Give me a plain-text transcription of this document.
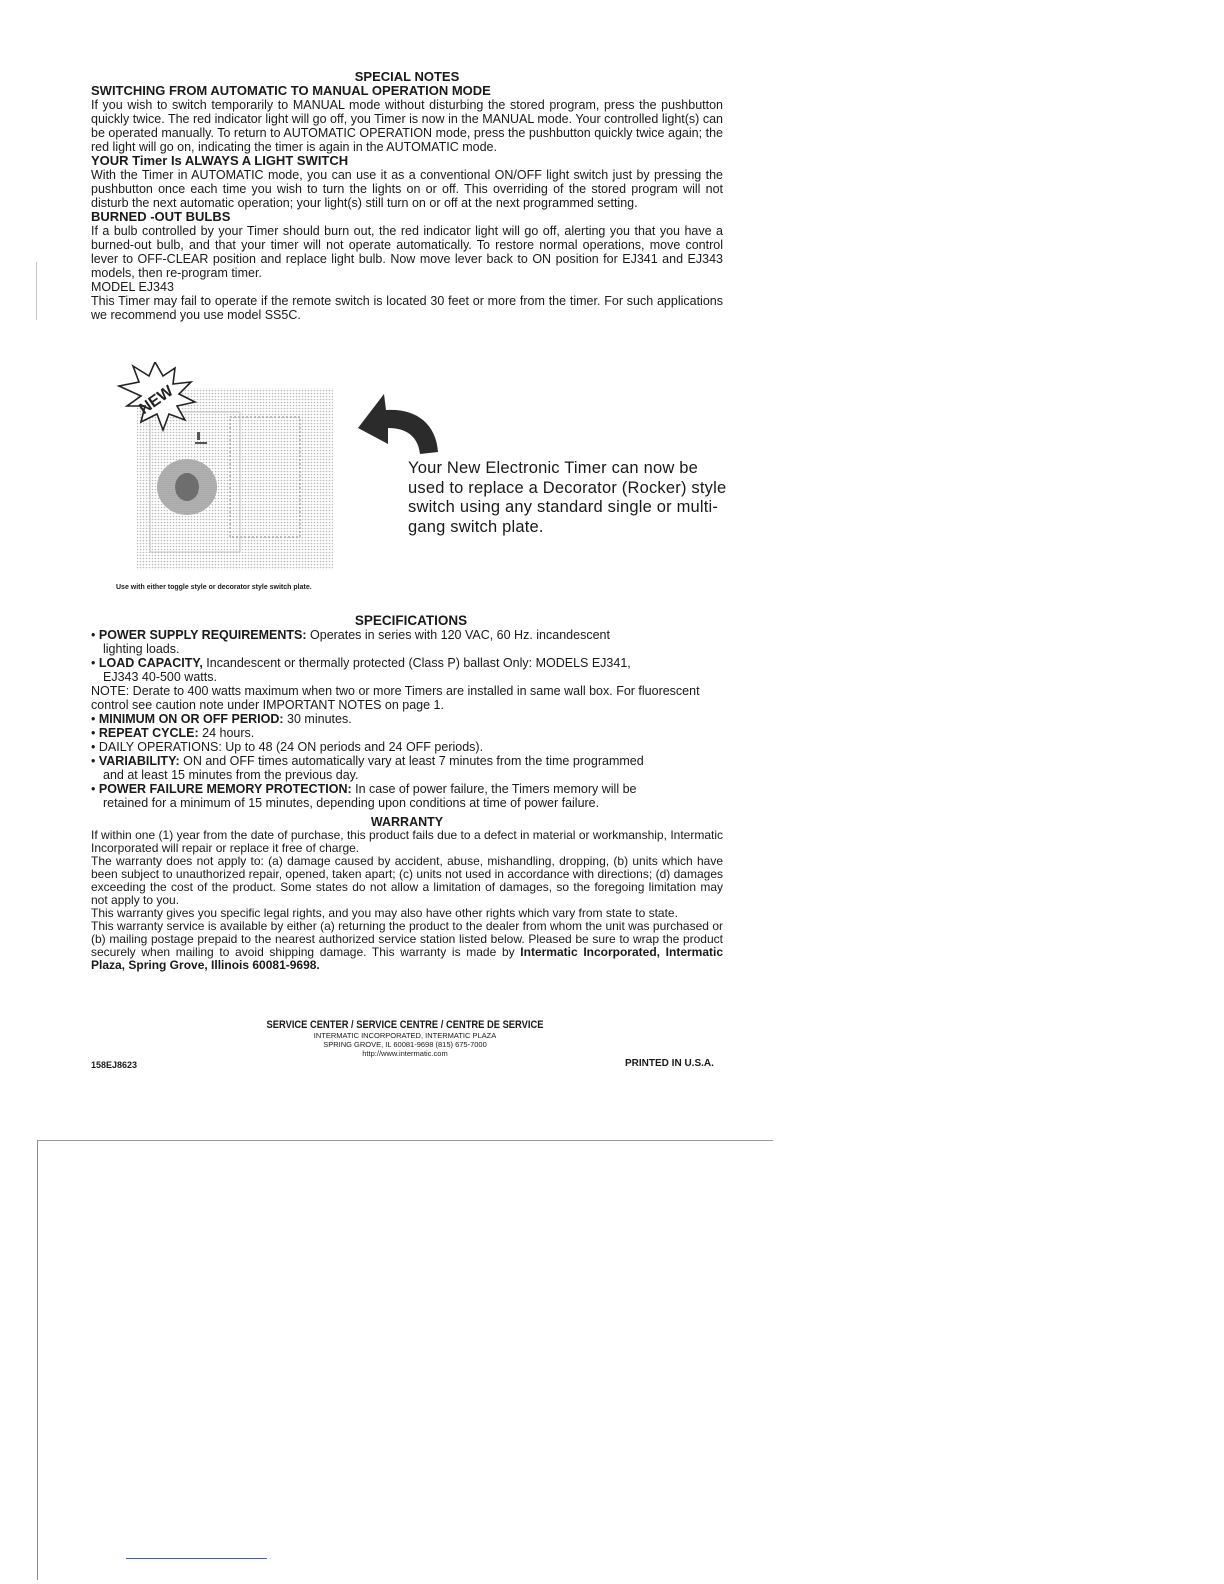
SPECIAL NOTES
SWITCHING FROM AUTOMATIC TO MANUAL OPERATION MODE
If you wish to switch temporarily to MANUAL mode without disturbing the stored program, press the pushbutton quickly twice. The red indicator light will go off, you Timer is now in the MANUAL mode. Your controlled light(s) can be operated manually. To return to AUTOMATIC OPERATION mode, press the pushbutton quickly twice again; the red light will go on, indicating the timer is again in the AUTOMATIC mode.
YOUR Timer Is ALWAYS A LIGHT SWITCH
With the Timer in AUTOMATIC mode, you can use it as a conventional ON/OFF light switch just by pressing the pushbutton once each time you wish to turn the lights on or off. This overriding of the stored program will not disturb the next automatic operation; your light(s) still turn on or off at the next programmed setting.
BURNED -OUT BULBS
If a bulb controlled by your Timer should burn out, the red indicator light will go off, alerting you that you have a burned-out bulb, and that your timer will not operate automatically. To restore normal operations, move control lever to OFF-CLEAR position and replace light bulb. Now move lever back to ON position for EJ341 and EJ343 models, then re-program timer.
MODEL EJ343
This Timer may fail to operate if the remote switch is located 30 feet or more from the timer. For such applications we recommend you use model SS5C.
NEW
Your New Electronic Timer can now be used to replace a Decorator (Rocker) style switch using any standard single or multi-gang switch plate.
Use with either toggle style or decorator style switch plate.
SPECIFICATIONS
• POWER SUPPLY REQUIREMENTS: Operates in series with 120 VAC, 60 Hz. incandescent
lighting loads.
• LOAD CAPACITY, Incandescent or thermally protected (Class P) ballast Only: MODELS EJ341,
EJ343 40-500 watts.
NOTE: Derate to 400 watts maximum when two or more Timers are installed in same wall box. For fluorescent control see caution note under IMPORTANT NOTES on page 1.
• MINIMUM ON OR OFF PERIOD: 30 minutes.
• REPEAT CYCLE: 24 hours.
• DAILY OPERATIONS: Up to 48 (24 ON periods and 24 OFF periods).
• VARIABILITY: ON and OFF times automatically vary at least 7 minutes from the time programmed
and at least 15 minutes from the previous day.
• POWER FAILURE MEMORY PROTECTION: In case of power failure, the Timers memory will be
retained for a minimum of 15 minutes, depending upon conditions at time of power failure.
WARRANTY
If within one (1) year from the date of purchase, this product fails due to a defect in material or workmanship, Intermatic Incorporated will repair or replace it free of charge.
The warranty does not apply to: (a) damage caused by accident, abuse, mishandling, dropping, (b) units which have been subject to unauthorized repair, opened, taken apart; (c) units not used in accordance with directions; (d) damages exceeding the cost of the product. Some states do not allow a limitation of damages, so the foregoing limitation may not apply to you.
This warranty gives you specific legal rights, and you may also have other rights which vary from state to state.
This warranty service is available by either (a) returning the product to the dealer from whom the unit was purchased or (b) mailing postage prepaid to the nearest authorized service station listed below. Pleased be sure to wrap the product securely when mailing to avoid shipping damage. This warranty is made by Intermatic Incorporated, Intermatic Plaza, Spring Grove, Illinois 60081-9698.
SERVICE CENTER / SERVICE CENTRE / CENTRE DE SERVICE
INTERMATIC INCORPORATED, INTERMATIC PLAZA
SPRING GROVE, IL 60081-9698 (815) 675-7000
http://www.intermatic.com
158EJ8623	PRINTED IN U.S.A.
